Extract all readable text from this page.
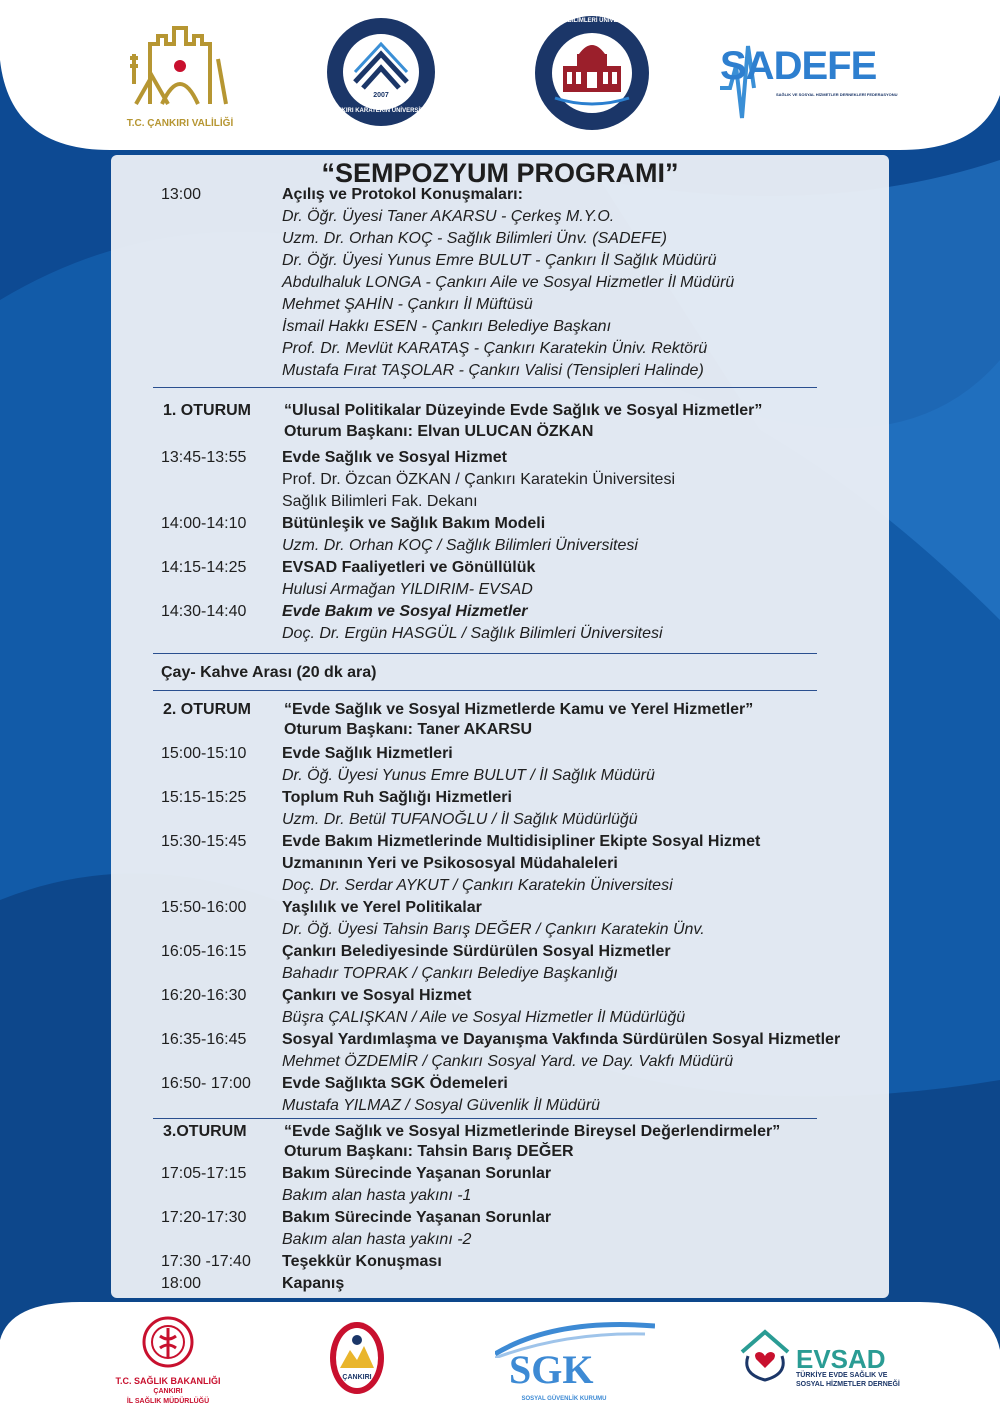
T.C. ÇANKIRI VALİLİĞİ
ÇANKIRI KARATEKİN ÜNİVERSİTESİ
2007
SAĞLIK BİLİMLERİ ÜNİVERSİTESİ
SADEFE
SAĞLIK VE SOSYAL HİZMETLER DERNEKLERİ FEDERASYONU
“SEMPOZYUM PROGRAMI”
13:00	Açılış ve Protokol Konuşmaları:
Dr. Öğr. Üyesi Taner AKARSU - Çerkeş M.Y.O.
Uzm. Dr. Orhan KOÇ - Sağlık Bilimleri Ünv. (SADEFE)
Dr. Öğr. Üyesi Yunus Emre BULUT - Çankırı İl Sağlık Müdürü
Abdulhaluk LONGA - Çankırı Aile ve Sosyal Hizmetler İl Müdürü
Mehmet ŞAHİN - Çankırı İl Müftüsü
İsmail Hakkı ESEN - Çankırı Belediye Başkanı
Prof. Dr. Mevlüt KARATAŞ - Çankırı Karatekin Üniv. Rektörü
Mustafa Fırat TAŞOLAR - Çankırı Valisi (Tensipleri Halinde)
1. OTURUM “Ulusal Politikalar Düzeyinde Evde Sağlık ve Sosyal Hizmetler”
Oturum Başkanı: Elvan ULUCAN ÖZKAN
13:45-13:55 Evde Sağlık ve Sosyal Hizmet
Prof. Dr. Özcan ÖZKAN / Çankırı Karatekin Üniversitesi
Sağlık Bilimleri Fak. Dekanı
14:00-14:10 Bütünleşik ve Sağlık Bakım Modeli
Uzm. Dr. Orhan KOÇ / Sağlık Bilimleri Üniversitesi
14:15-14:25 EVSAD Faaliyetleri ve Gönüllülük
Hulusi Armağan YILDIRIM- EVSAD
14:30-14:40 Evde Bakım ve Sosyal Hizmetler
Doç. Dr. Ergün HASGÜL / Sağlık Bilimleri Üniversitesi
Çay- Kahve Arası (20 dk ara)
2. OTURUM “Evde Sağlık ve Sosyal Hizmetlerde Kamu ve Yerel Hizmetler”
Oturum Başkanı: Taner AKARSU
15:00-15:10 Evde Sağlık Hizmetleri
Dr. Öğ. Üyesi Yunus Emre BULUT / İl Sağlık Müdürü
15:15-15:25 Toplum Ruh Sağlığı Hizmetleri
Uzm. Dr. Betül TUFANOĞLU / İl Sağlık Müdürlüğü
15:30-15:45 Evde Bakım Hizmetlerinde Multidisipliner Ekipte Sosyal Hizmet
Uzmanının Yeri ve Psikososyal Müdahaleleri
Doç. Dr. Serdar AYKUT / Çankırı Karatekin Üniversitesi
15:50-16:00 Yaşlılık ve Yerel Politikalar
Dr. Öğ. Üyesi Tahsin Barış DEĞER / Çankırı Karatekin Ünv.
16:05-16:15 Çankırı Belediyesinde Sürdürülen Sosyal Hizmetler
Bahadır TOPRAK / Çankırı Belediye Başkanlığı
16:20-16:30 Çankırı ve Sosyal Hizmet
Büşra ÇALIŞKAN / Aile ve Sosyal Hizmetler İl Müdürlüğü
16:35-16:45 Sosyal Yardımlaşma ve Dayanışma Vakfında Sürdürülen Sosyal Hizmetler
Mehmet ÖZDEMİR / Çankırı Sosyal Yard. ve Day. Vakfı Müdürü
16:50- 17:00 Evde Sağlıkta SGK Ödemeleri
Mustafa YILMAZ / Sosyal Güvenlik İl Müdürü
3.OTURUM “Evde Sağlık ve Sosyal Hizmetlerinde Bireysel Değerlendirmeler”
Oturum Başkanı: Tahsin Barış DEĞER
17:05-17:15 Bakım Sürecinde Yaşanan Sorunlar
Bakım alan hasta yakını -1
17:20-17:30 Bakım Sürecinde Yaşanan Sorunlar
Bakım alan hasta yakını -2
17:30 -17:40 Teşekkür Konuşması
18:00	Kapanış
T.C. SAĞLIK BAKANLIĞI
ÇANKIRI
İL SAĞLIK MÜDÜRLÜĞÜ
ÇANKIRI	SGK
SOSYAL GÜVENLİK KURUMU
EVSAD
TÜRKİYE EVDE SAĞLIK VE
SOSYAL HİZMETLER DERNEĞİ
